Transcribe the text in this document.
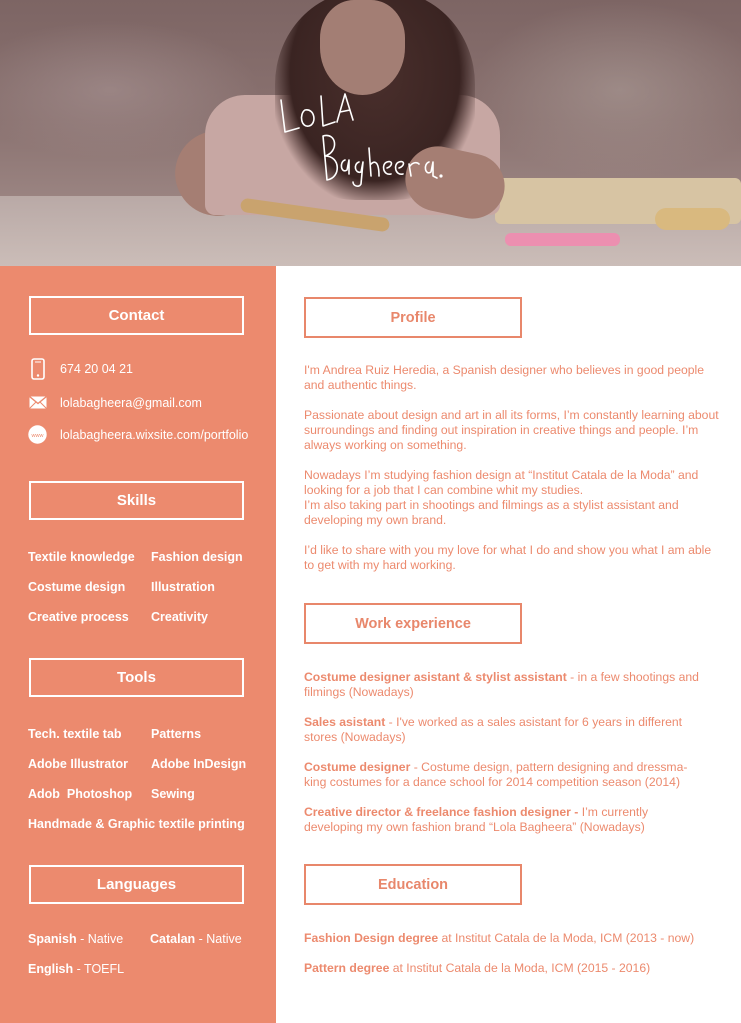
Contact
674 20 04 21
lolabagheera@gmail.com
www lolabagheera.wixsite.com/portfolio
Skills
Textile knowledge Fashion design
Costume design Illustration
Creative process Creativity
Tools
Tech. textile tab Patterns
Adobe Illustrator Adobe InDesign
Adob  Photoshop Sewing
Handmade & Graphic textile printing
Languages
Spanish - Native Catalan - Native
English - TOEFL
Profile

I'm Andrea Ruiz Heredia, a Spanish designer who believes in good people and authentic things.

Passionate about design and art in all its forms, I’m constantly learning about surroundings and finding out inspiration in creative things and people. I’m always working on something.

Nowadays I’m studying fashion design at “Institut Catala de la Moda” and looking for a job that I can combine whit my studies.

I’m also taking part in shootings and filmings as a stylist assistant and developing my own brand.

I’d like to share with you my love for what I do and show you what I am able to get with my hard working.

Work experience

Costume designer asistant & stylist assistant - in a few shootings and filmings (Nowadays)

Sales asistant - I've worked as a sales asistant for 6 years in different stores (Nowadays)

Costume designer - Costume design, pattern designing and dressma-king costumes for a dance school for 2014 competition season (2014)

Creative director & freelance fashion designer - I’m currently developing my own fashion brand “Lola Bagheera” (Nowadays)

Education

Fashion Design degree at Institut Catala de la Moda, ICM (2013 - now)

Pattern degree at Institut Catala de la Moda, ICM (2015 - 2016)
